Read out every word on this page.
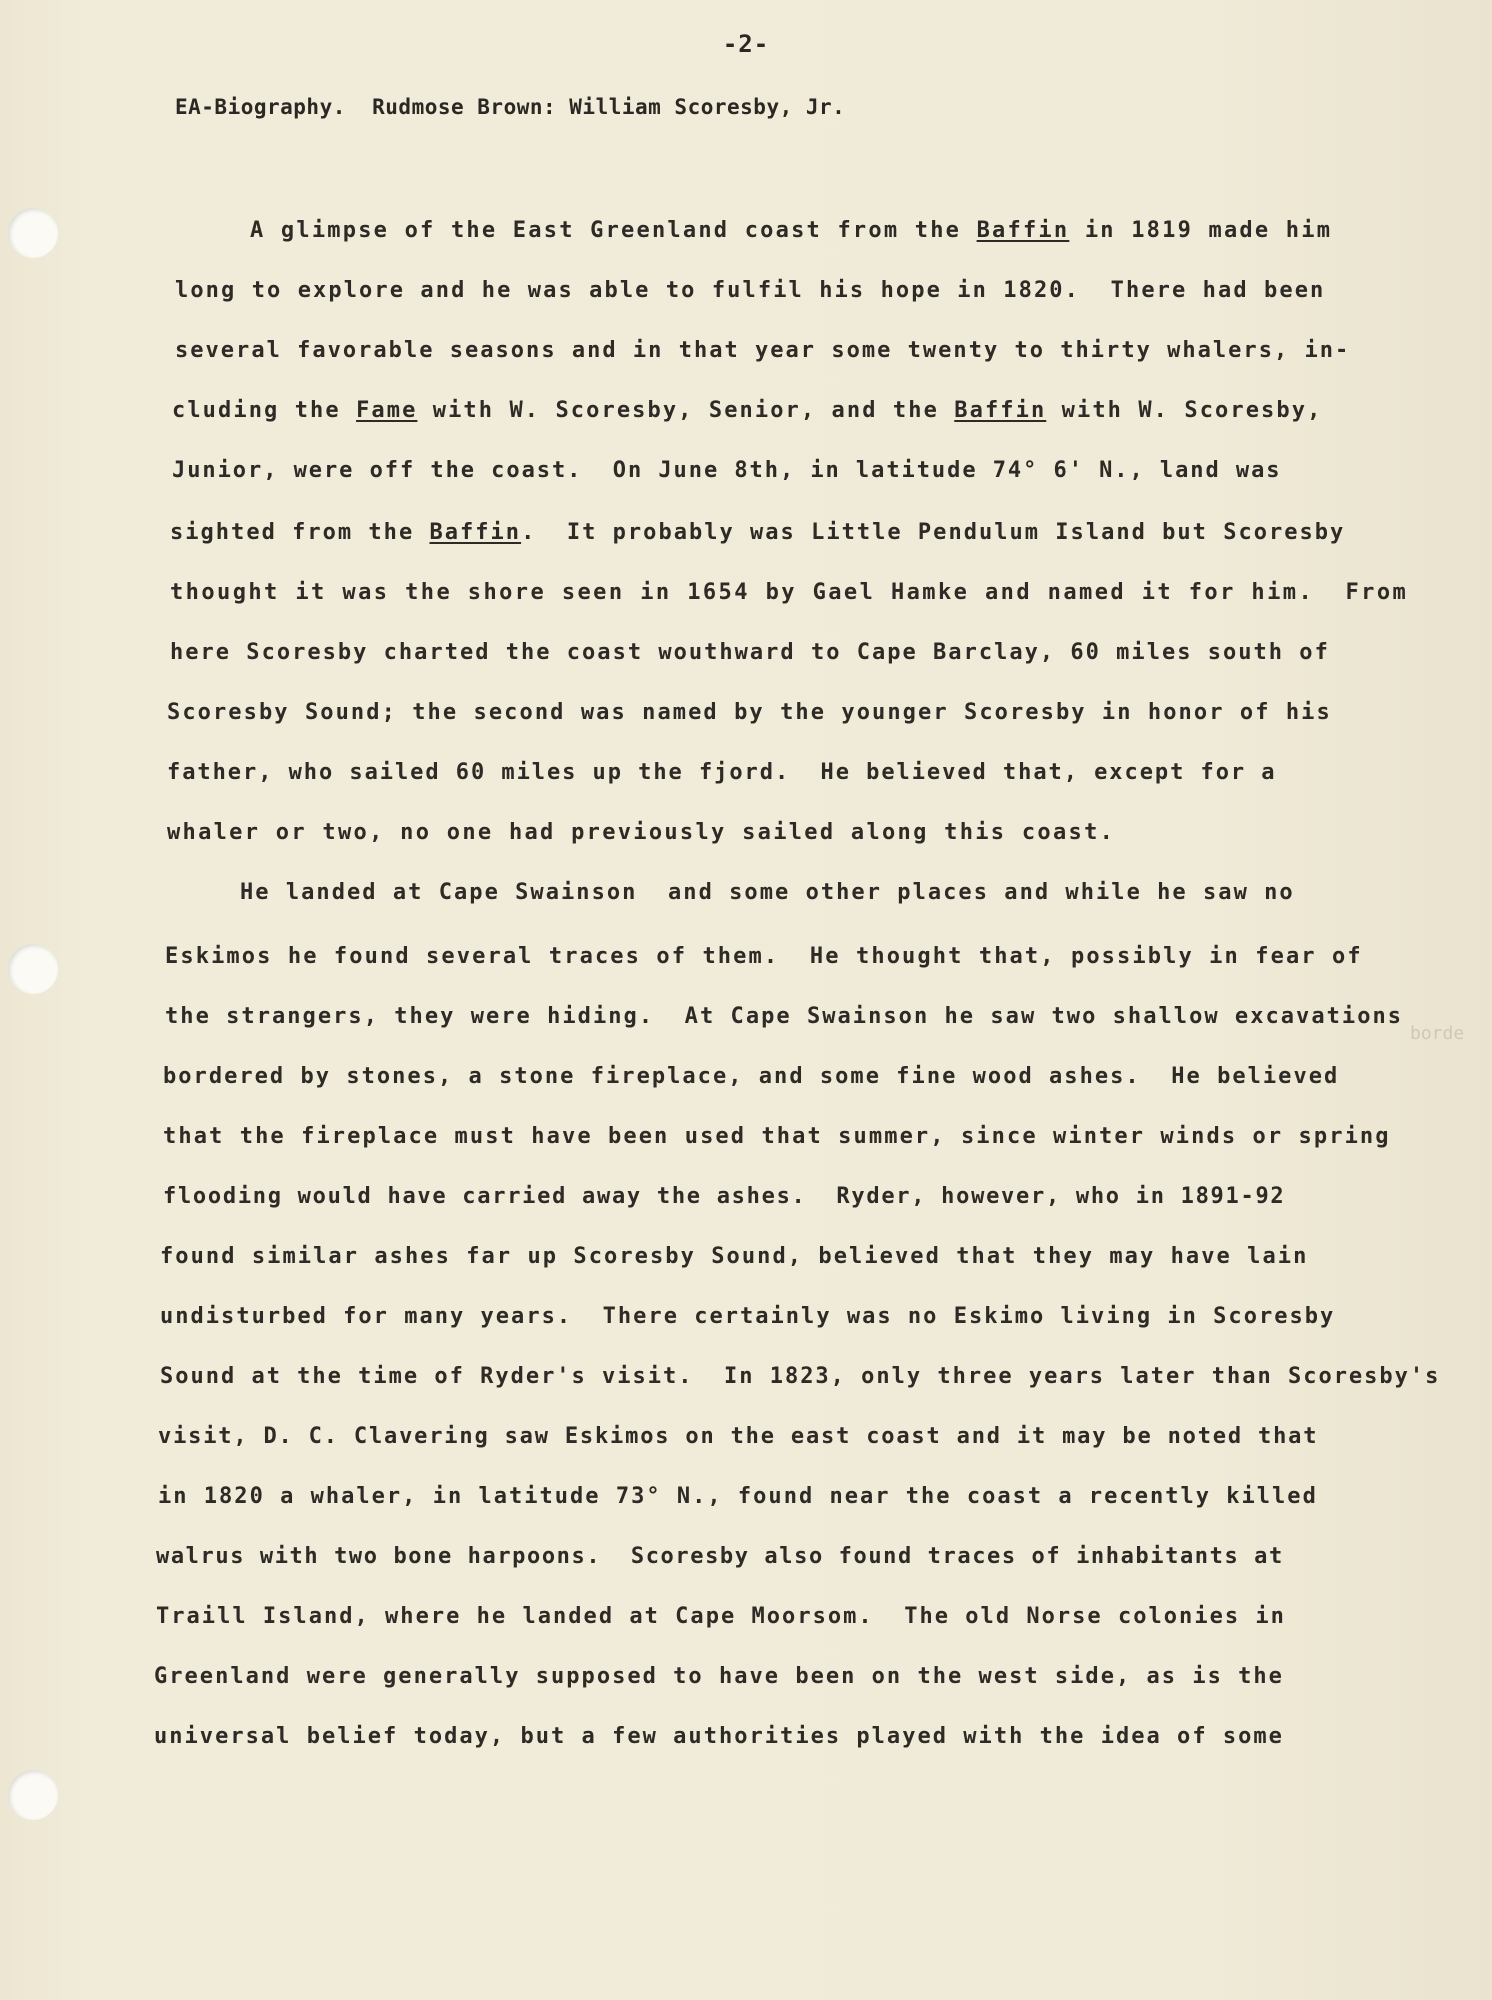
-2-
EA-Biography.  Rudmose Brown: William Scoresby, Jr.
A glimpse of the East Greenland coast from the Baffin in 1819 made him
long to explore and he was able to fulfil his hope in 1820.  There had been
several favorable seasons and in that year some twenty to thirty whalers, in-
cluding the Fame with W. Scoresby, Senior, and the Baffin with W. Scoresby,
Junior, were off the coast.  On June 8th, in latitude 74° 6' N., land was
sighted from the Baffin.  It probably was Little Pendulum Island but Scoresby
thought it was the shore seen in 1654 by Gael Hamke and named it for him.  From
here Scoresby charted the coast wouthward to Cape Barclay, 60 miles south of
Scoresby Sound; the second was named by the younger Scoresby in honor of his
father, who sailed 60 miles up the fjord.  He believed that, except for a
whaler or two, no one had previously sailed along this coast.
He landed at Cape Swainson  and some other places and while he saw no
Eskimos he found several traces of them.  He thought that, possibly in fear of
the strangers, they were hiding.  At Cape Swainson he saw two shallow excavations
bordered by stones, a stone fireplace, and some fine wood ashes.  He believed
that the fireplace must have been used that summer, since winter winds or spring
flooding would have carried away the ashes.  Ryder, however, who in 1891-92
found similar ashes far up Scoresby Sound, believed that they may have lain
undisturbed for many years.  There certainly was no Eskimo living in Scoresby
Sound at the time of Ryder's visit.  In 1823, only three years later than Scoresby's
visit, D. C. Clavering saw Eskimos on the east coast and it may be noted that
in 1820 a whaler, in latitude 73° N., found near the coast a recently killed
walrus with two bone harpoons.  Scoresby also found traces of inhabitants at
Traill Island, where he landed at Cape Moorsom.  The old Norse colonies in
Greenland were generally supposed to have been on the west side, as is the
universal belief today, but a few authorities played with the idea of some
borde
